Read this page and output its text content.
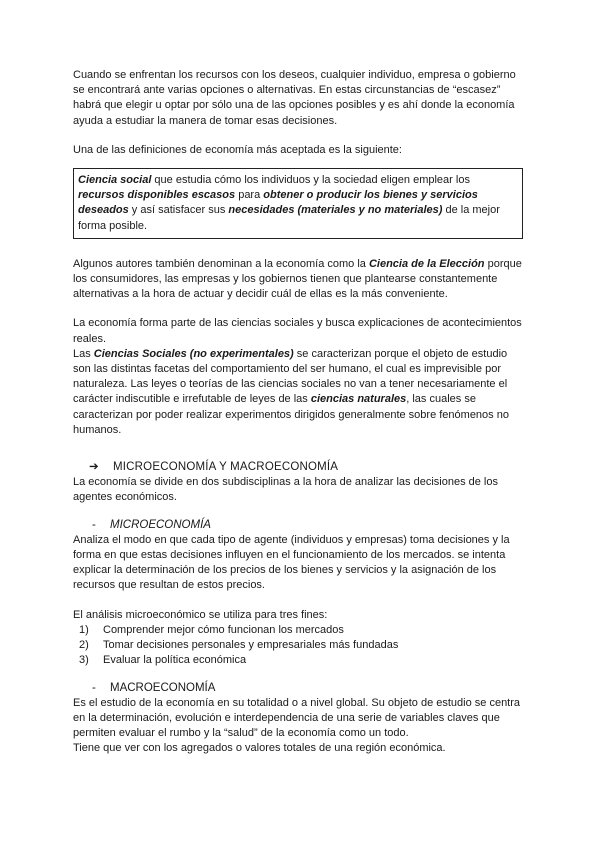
Cuando se enfrentan los recursos con los deseos, cualquier individuo, empresa o gobierno se encontrará ante varias opciones o alternativas. En estas circunstancias de “escasez” habrá que elegir u optar por sólo una de las opciones posibles y es ahí donde la economía ayuda a estudiar la manera de tomar esas decisiones.

Una de las definiciones de economía más aceptada es la siguiente:

Ciencia social que estudia cómo los individuos y la sociedad eligen emplear los recursos disponibles escasos para obtener o producir los bienes y servicios deseados y así satisfacer sus necesidades (materiales y no materiales) de la mejor forma posible.

Algunos autores también denominan a la economía como la Ciencia de la Elección porque los consumidores, las empresas y los gobiernos tienen que plantearse constantemente alternativas a la hora de actuar y decidir cuál de ellas es la más conveniente.

La economía forma parte de las ciencias sociales y busca explicaciones de acontecimientos reales.

Las Ciencias Sociales (no experimentales) se caracterizan porque el objeto de estudio son las distintas facetas del comportamiento del ser humano, el cual es imprevisible por naturaleza. Las leyes o teorías de las ciencias sociales no van a tener necesariamente el carácter indiscutible e irrefutable de leyes de las ciencias naturales, las cuales se caracterizan por poder realizar experimentos dirigidos generalmente sobre fenómenos no humanos.

➔	MICROECONOMÍA Y MACROECONOMÍA

La economía se divide en dos subdisciplinas a la hora de analizar las decisiones de los agentes económicos.

-	MICROECONOMÍA

Analiza el modo en que cada tipo de agente (individuos y empresas) toma decisiones y la forma en que estas decisiones influyen en el funcionamiento de los mercados. se intenta explicar la determinación de los precios de los bienes y servicios y la asignación de los recursos que resultan de estos precios.

El análisis microeconómico se utiliza para tres fines:

1)	Comprender mejor cómo funcionan los mercados
2)	Tomar decisiones personales y empresariales más fundadas
3)	Evaluar la política económica
-	MACROECONOMÍA

Es el estudio de la economía en su totalidad o a nivel global. Su objeto de estudio se centra en la determinación, evolución e interdependencia de una serie de variables claves que permiten evaluar el rumbo y la “salud” de la economía como un todo.

Tiene que ver con los agregados o valores totales de una región económica.
